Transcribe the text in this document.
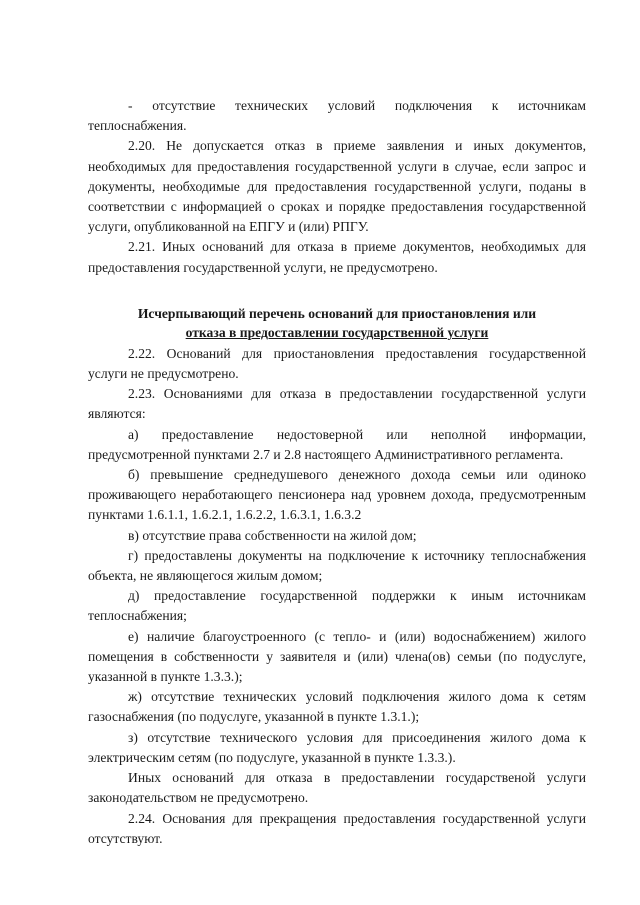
- отсутствие технических условий подключения к источникам теплоснабжения.

2.20. Не допускается отказ в приеме заявления и иных документов, необходимых для предоставления государственной услуги в случае, если запрос и документы, необходимые для предоставления государственной услуги, поданы в соответствии с информацией о сроках и порядке предоставления государственной услуги, опубликованной на ЕПГУ и (или) РПГУ.

2.21. Иных оснований для отказа в приеме документов, необходимых для предоставления государственной услуги, не предусмотрено.

Исчерпывающий перечень оснований для приостановления или
отказа в предоставлении государственной услуги

2.22. Оснований для приостановления предоставления государственной услуги не предусмотрено.

2.23. Основаниями для отказа в предоставлении государственной услуги являются:

а) предоставление недостоверной или неполной информации, предусмотренной пунктами 2.7 и 2.8 настоящего Административного регламента.

б) превышение среднедушевого денежного дохода семьи или одиноко проживающего неработающего пенсионера над уровнем дохода, предусмотренным пунктами 1.6.1.1, 1.6.2.1, 1.6.2.2, 1.6.3.1, 1.6.3.2

в) отсутствие права собственности на жилой дом;

г) предоставлены документы на подключение к источнику теплоснабжения объекта, не являющегося жилым домом;

д) предоставление государственной поддержки к иным источникам теплоснабжения;

е) наличие благоустроенного (с тепло- и (или) водоснабжением) жилого помещения в собственности у заявителя и (или) члена(ов) семьи (по подуслуге, указанной в пункте 1.3.3.);

ж) отсутствие технических условий подключения жилого дома к сетям газоснабжения (по подуслуге, указанной в пункте 1.3.1.);

з) отсутствие технического условия для присоединения жилого дома к электрическим сетям (по подуслуге, указанной в пункте 1.3.3.).

Иных оснований для отказа в предоставлении государственой услуги законодательством не предусмотрено.

2.24. Основания для прекращения предоставления государственной услуги отсутствуют.
